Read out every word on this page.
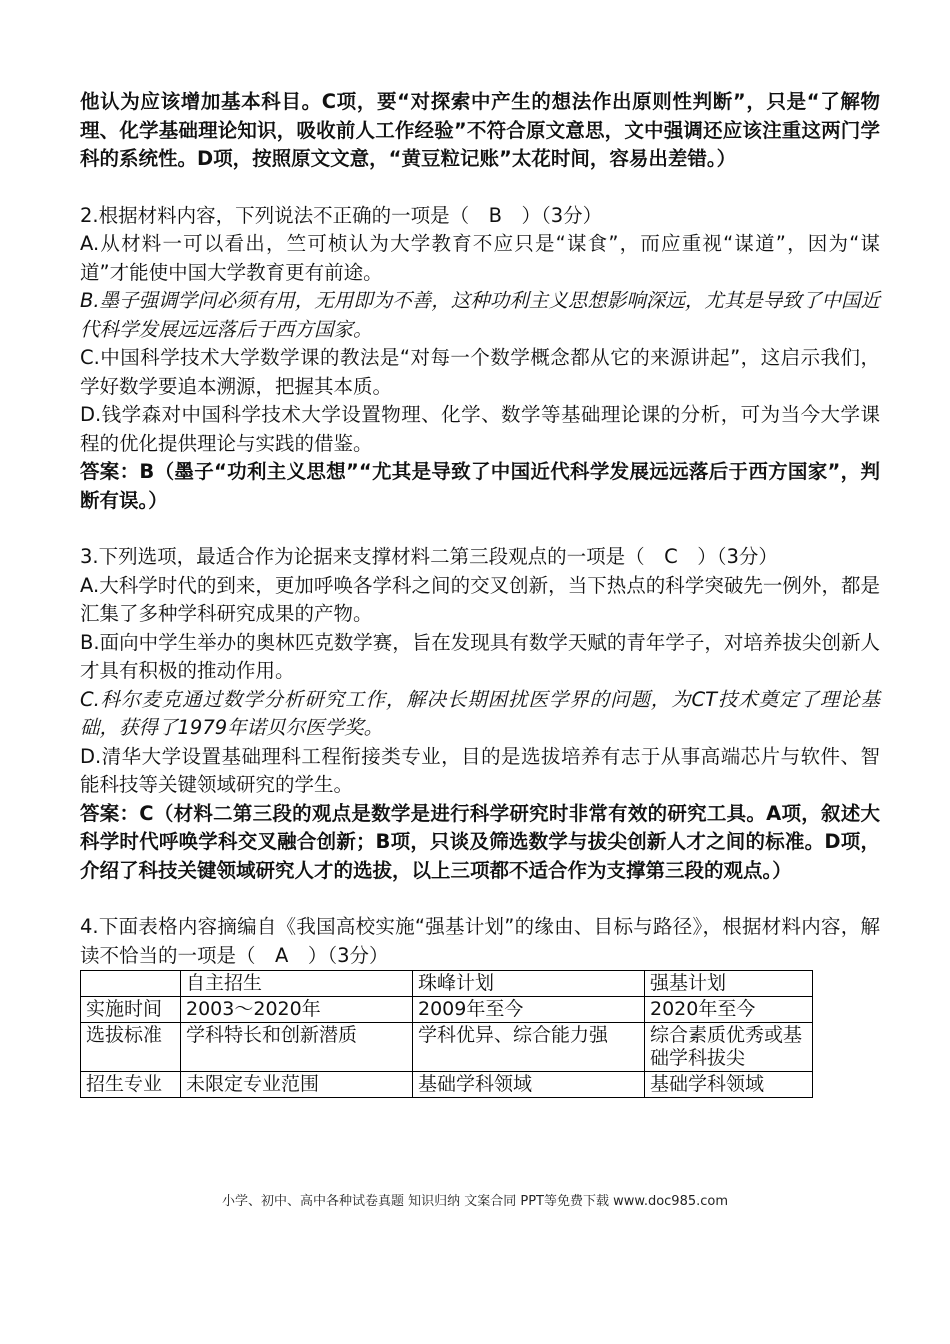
他认为应该增加基本科目。C项，要“对探索中产生的想法作出原则性判断”，只是“了解物理、化学基础理论知识，吸收前人工作经验”不符合原文意思，文中强调还应该注重这两门学科的系统性。D项，按照原文文意，“黄豆粒记账”太花时间，容易出差错。）

2.根据材料内容，下列说法不正确的一项是（　B　）（3分）

A.从材料一可以看出，竺可桢认为大学教育不应只是“谋食”，而应重视“谋道”，因为“谋道”才能使中国大学教育更有前途。

B.墨子强调学问必须有用，无用即为不善，这种功利主义思想影响深远，尤其是导致了中国近代科学发展远远落后于西方国家。

C.中国科学技术大学数学课的教法是“对每一个数学概念都从它的来源讲起”，这启示我们，学好数学要追本溯源，把握其本质。

D.钱学森对中国科学技术大学设置物理、化学、数学等基础理论课的分析，可为当今大学课程的优化提供理论与实践的借鉴。

答案：B（墨子“功利主义思想”“尤其是导致了中国近代科学发展远远落后于西方国家”，判断有误。）

3.下列选项，最适合作为论据来支撑材料二第三段观点的一项是（　C　）（3分）

A.大科学时代的到来，更加呼唤各学科之间的交叉创新，当下热点的科学突破先一例外，都是汇集了多种学科研究成果的产物。

B.面向中学生举办的奥林匹克数学赛，旨在发现具有数学天赋的青年学子，对培养拔尖创新人才具有积极的推动作用。

C.科尔麦克通过数学分析研究工作，解决长期困扰医学界的问题，为CT技术奠定了理论基础，获得了1979年诺贝尔医学奖。

D.清华大学设置基础理科工程衔接类专业，目的是选拔培养有志于从事高端芯片与软件、智能科技等关键领域研究的学生。

答案：C（材料二第三段的观点是数学是进行科学研究时非常有效的研究工具。A项，叙述大科学时代呼唤学科交叉融合创新；B项，只谈及筛选数学与拔尖创新人才之间的标准。D项，介绍了科技关键领域研究人才的选拔，以上三项都不适合作为支撑第三段的观点。）

4.下面表格内容摘编自《我国高校实施“强基计划”的缘由、目标与路径》，根据材料内容，解读不恰当的一项是（　A　）（3分）

	自主招生	珠峰计划	强基计划
实施时间	2003～2020年	2009年至今	2020年至今
选拔标准	学科特长和创新潜质	学科优异、综合能力强	综合素质优秀或基础学科拔尖
招生专业	未限定专业范围	基础学科领域	基础学科领域
小学、初中、高中各种试卷真题 知识归纳 文案合同 PPT等免费下载 www.doc985.com
